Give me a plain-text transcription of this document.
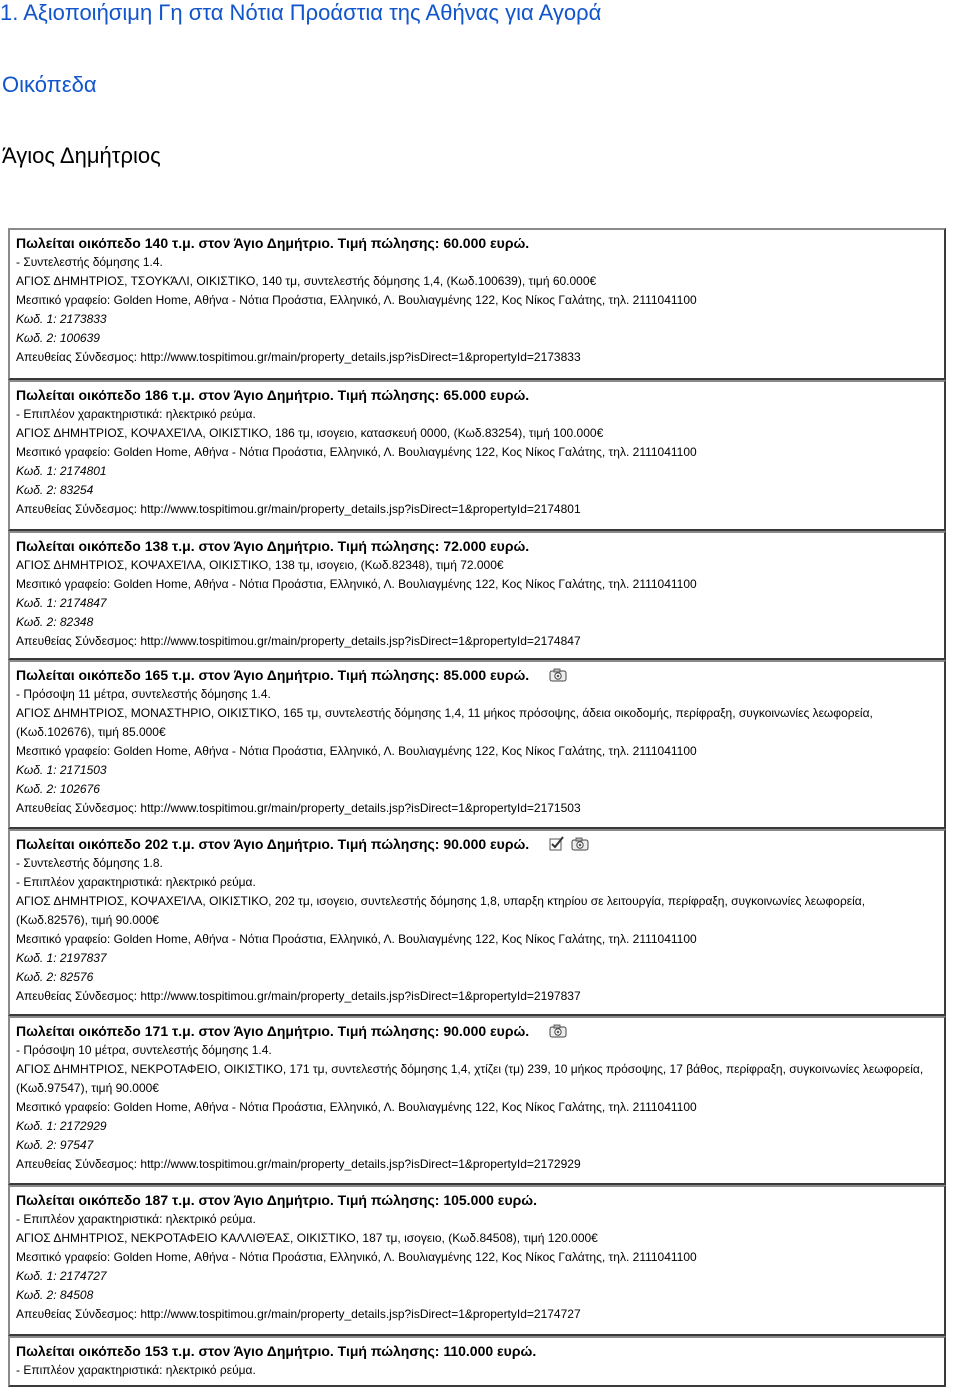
1. Αξιοποιήσιμη Γη στα Νότια Προάστια της Αθήνας για Αγορά
Οικόπεδα
Άγιος Δημήτριος
Πωλείται οικόπεδο 140 τ.μ. στον Άγιο Δημήτριο. Τιμή πώλησης: 60.000 ευρώ.
- Συντελεστής δόμησης 1.4.
ΑΓΙΟΣ ΔΗΜΗΤΡΙΟΣ, ΤΣΟΥΚΆΛΙ, ΟΙΚΙΣΤΙΚΟ, 140 τμ, συντελεστής δόμησης 1,4, (Κωδ.100639), τιμή 60.000€
Μεσιτικό γραφείο: Golden Home, Αθήνα - Νότια Προάστια, Ελληνικό, Λ. Βουλιαγμένης 122, Κος Νίκος Γαλάτης, τηλ. 2111041100
Κωδ. 1: 2173833
Κωδ. 2: 100639
Απευθείας Σύνδεσμος: http://www.tospitimou.gr/main/property_details.jsp?isDirect=1&propertyId=2173833
Πωλείται οικόπεδο 186 τ.μ. στον Άγιο Δημήτριο. Τιμή πώλησης: 65.000 ευρώ.
- Επιπλέον χαρακτηριστικά: ηλεκτρικό ρεύμα.
ΑΓΙΟΣ ΔΗΜΗΤΡΙΟΣ, ΚΟΨΑΧΕΊΛΑ, ΟΙΚΙΣΤΙΚΟ, 186 τμ, ισογειο, κατασκευή 0000, (Κωδ.83254), τιμή 100.000€
Μεσιτικό γραφείο: Golden Home, Αθήνα - Νότια Προάστια, Ελληνικό, Λ. Βουλιαγμένης 122, Κος Νίκος Γαλάτης, τηλ. 2111041100
Κωδ. 1: 2174801
Κωδ. 2: 83254
Απευθείας Σύνδεσμος: http://www.tospitimou.gr/main/property_details.jsp?isDirect=1&propertyId=2174801
Πωλείται οικόπεδο 138 τ.μ. στον Άγιο Δημήτριο. Τιμή πώλησης: 72.000 ευρώ.
ΑΓΙΟΣ ΔΗΜΗΤΡΙΟΣ, ΚΟΨΑΧΕΊΛΑ, ΟΙΚΙΣΤΙΚΟ, 138 τμ, ισογειο, (Κωδ.82348), τιμή 72.000€
Μεσιτικό γραφείο: Golden Home, Αθήνα - Νότια Προάστια, Ελληνικό, Λ. Βουλιαγμένης 122, Κος Νίκος Γαλάτης, τηλ. 2111041100
Κωδ. 1: 2174847
Κωδ. 2: 82348
Απευθείας Σύνδεσμος: http://www.tospitimou.gr/main/property_details.jsp?isDirect=1&propertyId=2174847
Πωλείται οικόπεδο 165 τ.μ. στον Άγιο Δημήτριο. Τιμή πώλησης: 85.000 ευρώ.
- Πρόσοψη 11 μέτρα, συντελεστής δόμησης 1.4.
ΑΓΙΟΣ ΔΗΜΗΤΡΙΟΣ, ΜΟΝΑΣΤΗΡΙΟ, ΟΙΚΙΣΤΙΚΟ, 165 τμ, συντελεστής δόμησης 1,4, 11 μήκος πρόσοψης, άδεια οικοδομής, περίφραξη, συγκοινωνίες λεωφορεία, (Κωδ.102676), τιμή 85.000€
Μεσιτικό γραφείο: Golden Home, Αθήνα - Νότια Προάστια, Ελληνικό, Λ. Βουλιαγμένης 122, Κος Νίκος Γαλάτης, τηλ. 2111041100
Κωδ. 1: 2171503
Κωδ. 2: 102676
Απευθείας Σύνδεσμος: http://www.tospitimou.gr/main/property_details.jsp?isDirect=1&propertyId=2171503
Πωλείται οικόπεδο 202 τ.μ. στον Άγιο Δημήτριο. Τιμή πώλησης: 90.000 ευρώ.
- Συντελεστής δόμησης 1.8.
- Επιπλέον χαρακτηριστικά: ηλεκτρικό ρεύμα.
ΑΓΙΟΣ ΔΗΜΗΤΡΙΟΣ, ΚΟΨΑΧΕΊΛΑ, ΟΙΚΙΣΤΙΚΟ, 202 τμ, ισογειο, συντελεστής δόμησης 1,8, υπαρξη κτηρίου σε λειτουργία, περίφραξη, συγκοινωνίες λεωφορεία, (Κωδ.82576), τιμή 90.000€
Μεσιτικό γραφείο: Golden Home, Αθήνα - Νότια Προάστια, Ελληνικό, Λ. Βουλιαγμένης 122, Κος Νίκος Γαλάτης, τηλ. 2111041100
Κωδ. 1: 2197837
Κωδ. 2: 82576
Απευθείας Σύνδεσμος: http://www.tospitimou.gr/main/property_details.jsp?isDirect=1&propertyId=2197837
Πωλείται οικόπεδο 171 τ.μ. στον Άγιο Δημήτριο. Τιμή πώλησης: 90.000 ευρώ.
- Πρόσοψη 10 μέτρα, συντελεστής δόμησης 1.4.
ΑΓΙΟΣ ΔΗΜΗΤΡΙΟΣ, ΝΕΚΡΟΤΑΦΕΙΟ, ΟΙΚΙΣΤΙΚΟ, 171 τμ, συντελεστής δόμησης 1,4, χτίζει (τμ) 239, 10 μήκος πρόσοψης, 17 βάθος, περίφραξη, συγκοινωνίες λεωφορεία, (Κωδ.97547), τιμή 90.000€
Μεσιτικό γραφείο: Golden Home, Αθήνα - Νότια Προάστια, Ελληνικό, Λ. Βουλιαγμένης 122, Κος Νίκος Γαλάτης, τηλ. 2111041100
Κωδ. 1: 2172929
Κωδ. 2: 97547
Απευθείας Σύνδεσμος: http://www.tospitimou.gr/main/property_details.jsp?isDirect=1&propertyId=2172929
Πωλείται οικόπεδο 187 τ.μ. στον Άγιο Δημήτριο. Τιμή πώλησης: 105.000 ευρώ.
- Επιπλέον χαρακτηριστικά: ηλεκτρικό ρεύμα.
ΑΓΙΟΣ ΔΗΜΗΤΡΙΟΣ, ΝΕΚΡΟΤΑΦΕΙΟ ΚΑΛΛΙΘΈΑΣ, ΟΙΚΙΣΤΙΚΟ, 187 τμ, ισογειο, (Κωδ.84508), τιμή 120.000€
Μεσιτικό γραφείο: Golden Home, Αθήνα - Νότια Προάστια, Ελληνικό, Λ. Βουλιαγμένης 122, Κος Νίκος Γαλάτης, τηλ. 2111041100
Κωδ. 1: 2174727
Κωδ. 2: 84508
Απευθείας Σύνδεσμος: http://www.tospitimou.gr/main/property_details.jsp?isDirect=1&propertyId=2174727
Πωλείται οικόπεδο 153 τ.μ. στον Άγιο Δημήτριο. Τιμή πώλησης: 110.000 ευρώ.
- Επιπλέον χαρακτηριστικά: ηλεκτρικό ρεύμα.
